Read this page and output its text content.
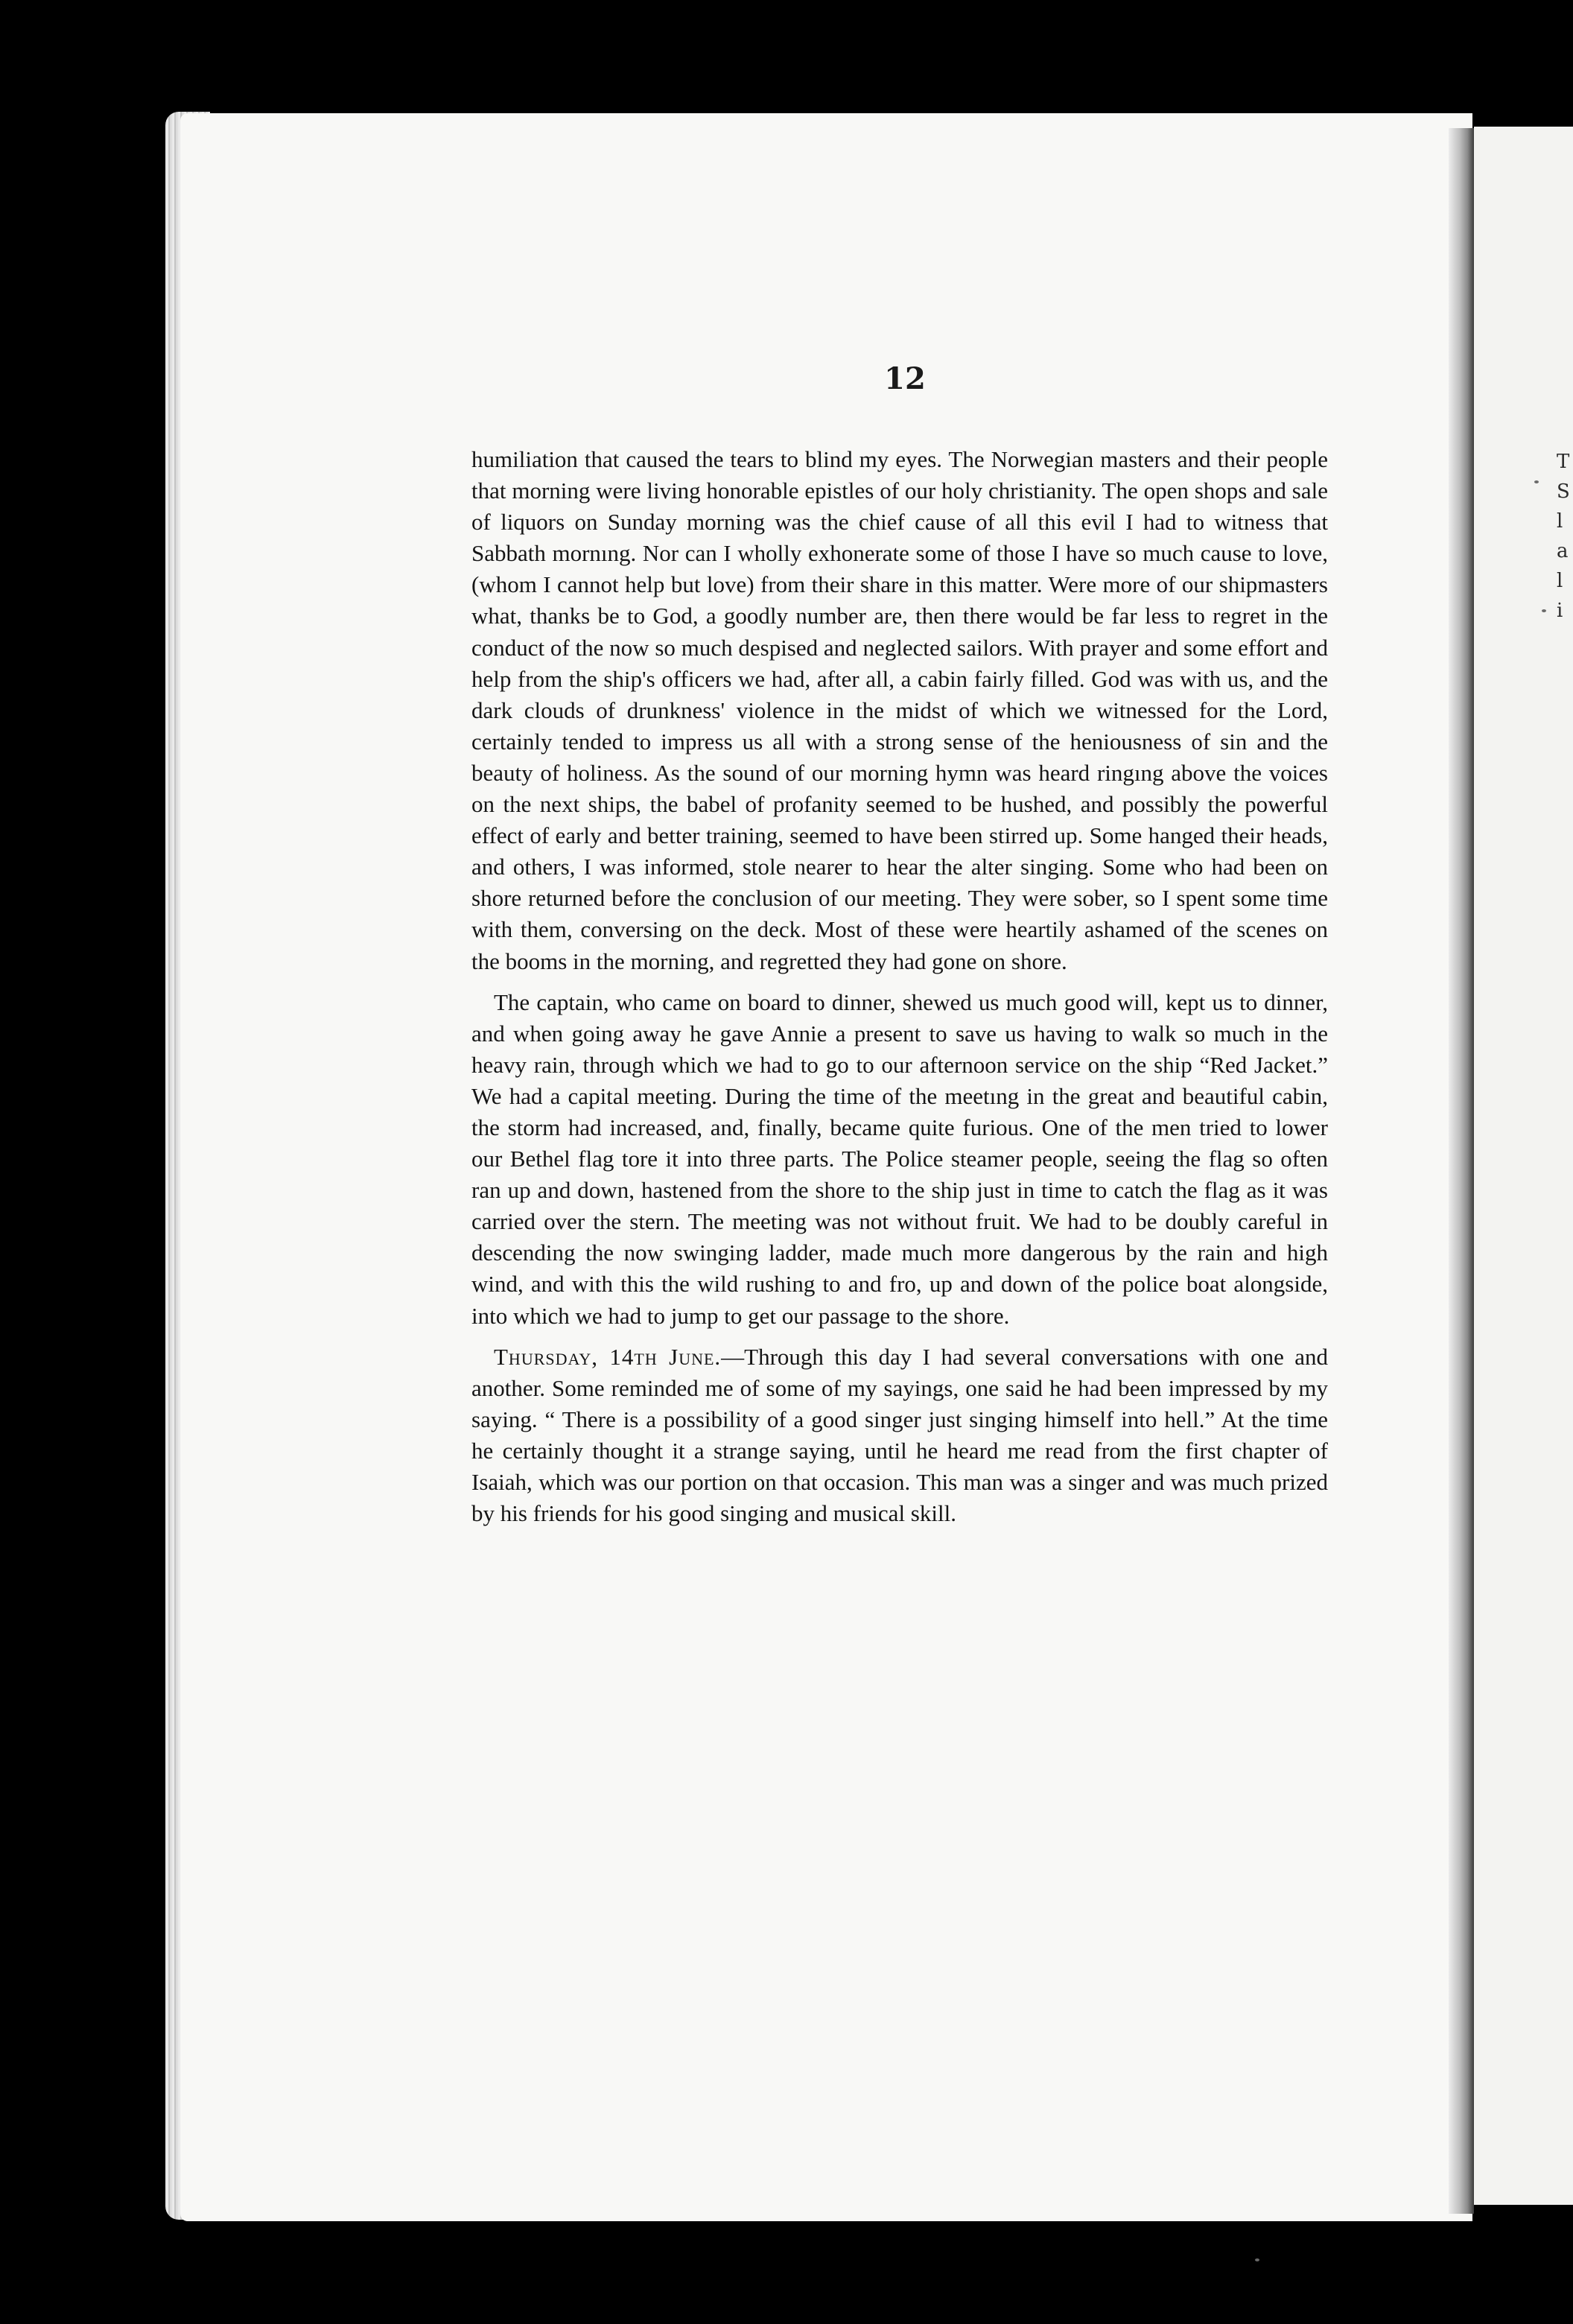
T
S
l
a
l
i
12

humiliation that caused the tears to blind my eyes. The Norwegian masters and their people that morning were living honorable epistles of our holy christianity. The open shops and sale of liquors on Sunday morning was the chief cause of all this evil I had to witness that Sabbath mornıng. Nor can I wholly exhonerate some of those I have so much cause to love, (whom I cannot help but love) from their share in this matter. Were more of our shipmasters what, thanks be to God, a goodly number are, then there would be far less to regret in the conduct of the now so much despised and neglected sailors. With prayer and some effort and help from the ship's officers we had, after all, a cabin fairly filled. God was with us, and the dark clouds of drunkness' violence in the midst of which we witnessed for the Lord, certainly tended to impress us all with a strong sense of the heniousness of sin and the beauty of holiness. As the sound of our morning hymn was heard ringıng above the voices on the next ships, the babel of profanity seemed to be hushed, and possibly the powerful effect of early and better training, seemed to have been stirred up. Some hanged their heads, and others, I was informed, stole nearer to hear the alter singing. Some who had been on shore returned before the conclusion of our meeting. They were sober, so I spent some time with them, conversing on the deck. Most of these were heartily ashamed of the scenes on the booms in the morning, and regretted they had gone on shore.

The captain, who came on board to dinner, shewed us much good will, kept us to dinner, and when going away he gave Annie a present to save us having to walk so much in the heavy rain, through which we had to go to our afternoon service on the ship “Red Jacket.” We had a capital meeting. During the time of the meetıng in the great and beautiful cabin, the storm had increased, and, finally, became quite furious. One of the men tried to lower our Bethel flag tore it into three parts. The Police steamer people, seeing the flag so often ran up and down, hastened from the shore to the ship just in time to catch the flag as it was carried over the stern. The meeting was not without fruit. We had to be doubly careful in descending the now swinging ladder, made much more dangerous by the rain and high wind, and with this the wild rushing to and fro, up and down of the police boat alongside, into which we had to jump to get our passage to the shore.

Thursday, 14th June.—Through this day I had several conversations with one and another. Some reminded me of some of my sayings, one said he had been impressed by my saying. “ There is a possibility of a good singer just singing himself into hell.” At the time he certainly thought it a strange saying, until he heard me read from the first chapter of Isaiah, which was our portion on that occasion. This man was a singer and was much prized by his friends for his good singing and musical skill.
